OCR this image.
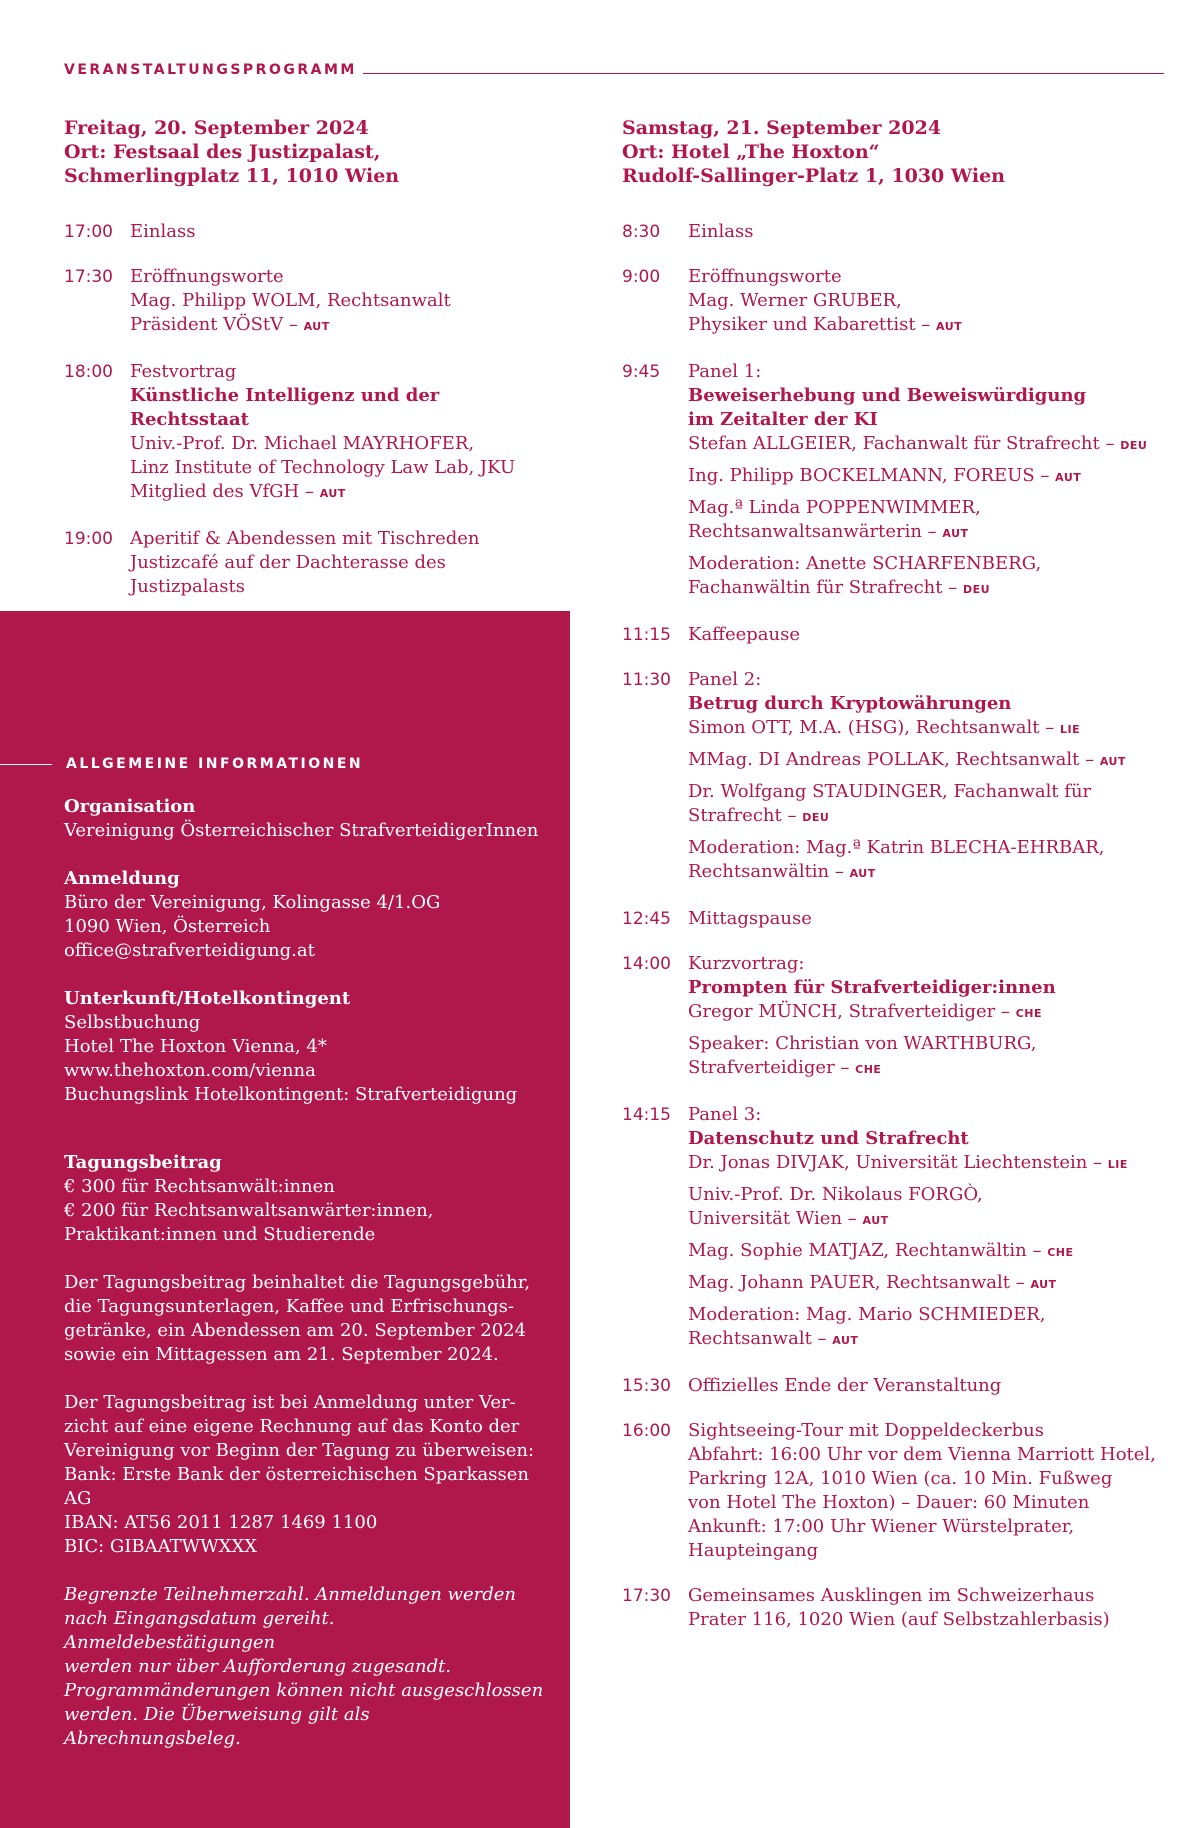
VERANSTALTUNGSPROGRAMM
Freitag, 20. September 2024
Ort: Festsaal des Justizpalast,
Schmerlingplatz 11, 1010 Wien
17:00 Einlass
17:30 Eröffnungsworte
Mag. Philipp WOLM, Rechtsanwalt
Präsident VÖStV – AUT
18:00 Festvortrag
Künstliche Intelligenz und der Rechtsstaat
Univ.-Prof. Dr. Michael MAYRHOFER,
Linz Institute of Technology Law Lab, JKU
Mitglied des VfGH – AUT
19:00 Aperitif & Abendessen mit Tischreden
Justizcafé auf der Dachterasse des Justizpalasts
Samstag, 21. September 2024
Ort: Hotel „The Hoxton“
Rudolf-Sallinger-Platz 1, 1030 Wien
8:30	Einlass
9:00	Eröffnungsworte
Mag. Werner GRUBER,
Physiker und Kabarettist – AUT
9:45	Panel 1:
Beweiserhebung und Beweiswürdigung
im Zeitalter der KI
Stefan ALLGEIER, Fachanwalt für Strafrecht – DEU
Ing. Philipp BOCKELMANN, FOREUS – AUT
Mag.ª Linda POPPENWIMMER,
Rechtsanwaltsanwärterin – AUT
Moderation: Anette SCHARFENBERG,
Fachanwältin für Strafrecht – DEU
11:15 Kaffeepause
11:30 Panel 2:
Betrug durch Kryptowährungen
Simon OTT, M.A. (HSG), Rechtsanwalt – LIE
MMag. DI Andreas POLLAK, Rechtsanwalt – AUT
Dr. Wolfgang STAUDINGER, Fachanwalt für
Strafrecht – DEU
Moderation: Mag.ª Katrin BLECHA-EHRBAR,
Rechtsanwältin – AUT
12:45 Mittagspause
14:00 Kurzvortrag:
Prompten für Strafverteidiger:innen
Gregor MÜNCH, Strafverteidiger – CHE
Speaker: Christian von WARTHBURG,
Strafverteidiger – CHE
14:15 Panel 3:
Datenschutz und Strafrecht
Dr. Jonas DIVJAK, Universität Liechtenstein – LIE
Univ.-Prof. Dr. Nikolaus FORGÒ,
Universität Wien – AUT
Mag. Sophie MATJAZ, Rechtanwältin – CHE
Mag. Johann PAUER, Rechtsanwalt – AUT
Moderation: Mag. Mario SCHMIEDER,
Rechtsanwalt – AUT
15:30 Offizielles Ende der Veranstaltung
16:00 Sightseeing-Tour mit Doppeldeckerbus
Abfahrt: 16:00 Uhr vor dem Vienna Marriott Hotel,
Parkring 12A, 1010 Wien (ca. 10 Min. Fußweg
von Hotel The Hoxton) – Dauer: 60 Minuten
Ankunft: 17:00 Uhr Wiener Würstelprater,
Haupteingang
17:30 Gemeinsames Ausklingen im Schweizerhaus
Prater 116, 1020 Wien (auf Selbstzahlerbasis)
ALLGEMEINE INFORMATIONEN
Organisation
Vereinigung Österreichischer StrafverteidigerInnen
Anmeldung
Büro der Vereinigung, Kolingasse 4/1.OG
1090 Wien, Österreich
office@strafverteidigung.at
Unterkunft/Hotelkontingent
Selbstbuchung
Hotel The Hoxton Vienna, 4*
www.thehoxton.com/vienna
Buchungslink Hotelkontingent: Strafverteidigung
Tagungsbeitrag
€ 300 für Rechtsanwält:innen
€ 200 für Rechtsanwaltsanwärter:innen,
Praktikant:innen und Studierende
Der Tagungsbeitrag beinhaltet die Tagungsgebühr,
die Tagungsunterlagen, Kaffee und Erfrischungs-
getränke, ein Abendessen am 20. September 2024
sowie ein Mittagessen am 21. September 2024.
Der Tagungsbeitrag ist bei Anmeldung unter Ver-
zicht auf eine eigene Rechnung auf das Konto der
Vereinigung vor Beginn der Tagung zu überweisen:
Bank: Erste Bank der österreichischen Sparkassen AG
IBAN: AT56 2011 1287 1469 1100
BIC: GIBAATWWXXX
Begrenzte Teilnehmerzahl. Anmeldungen werden
nach Eingangsdatum gereiht. Anmeldebestätigungen
werden nur über Aufforderung zugesandt.
Programmänderungen können nicht ausgeschlossen
werden. Die Überweisung gilt als Abrechnungsbeleg.
